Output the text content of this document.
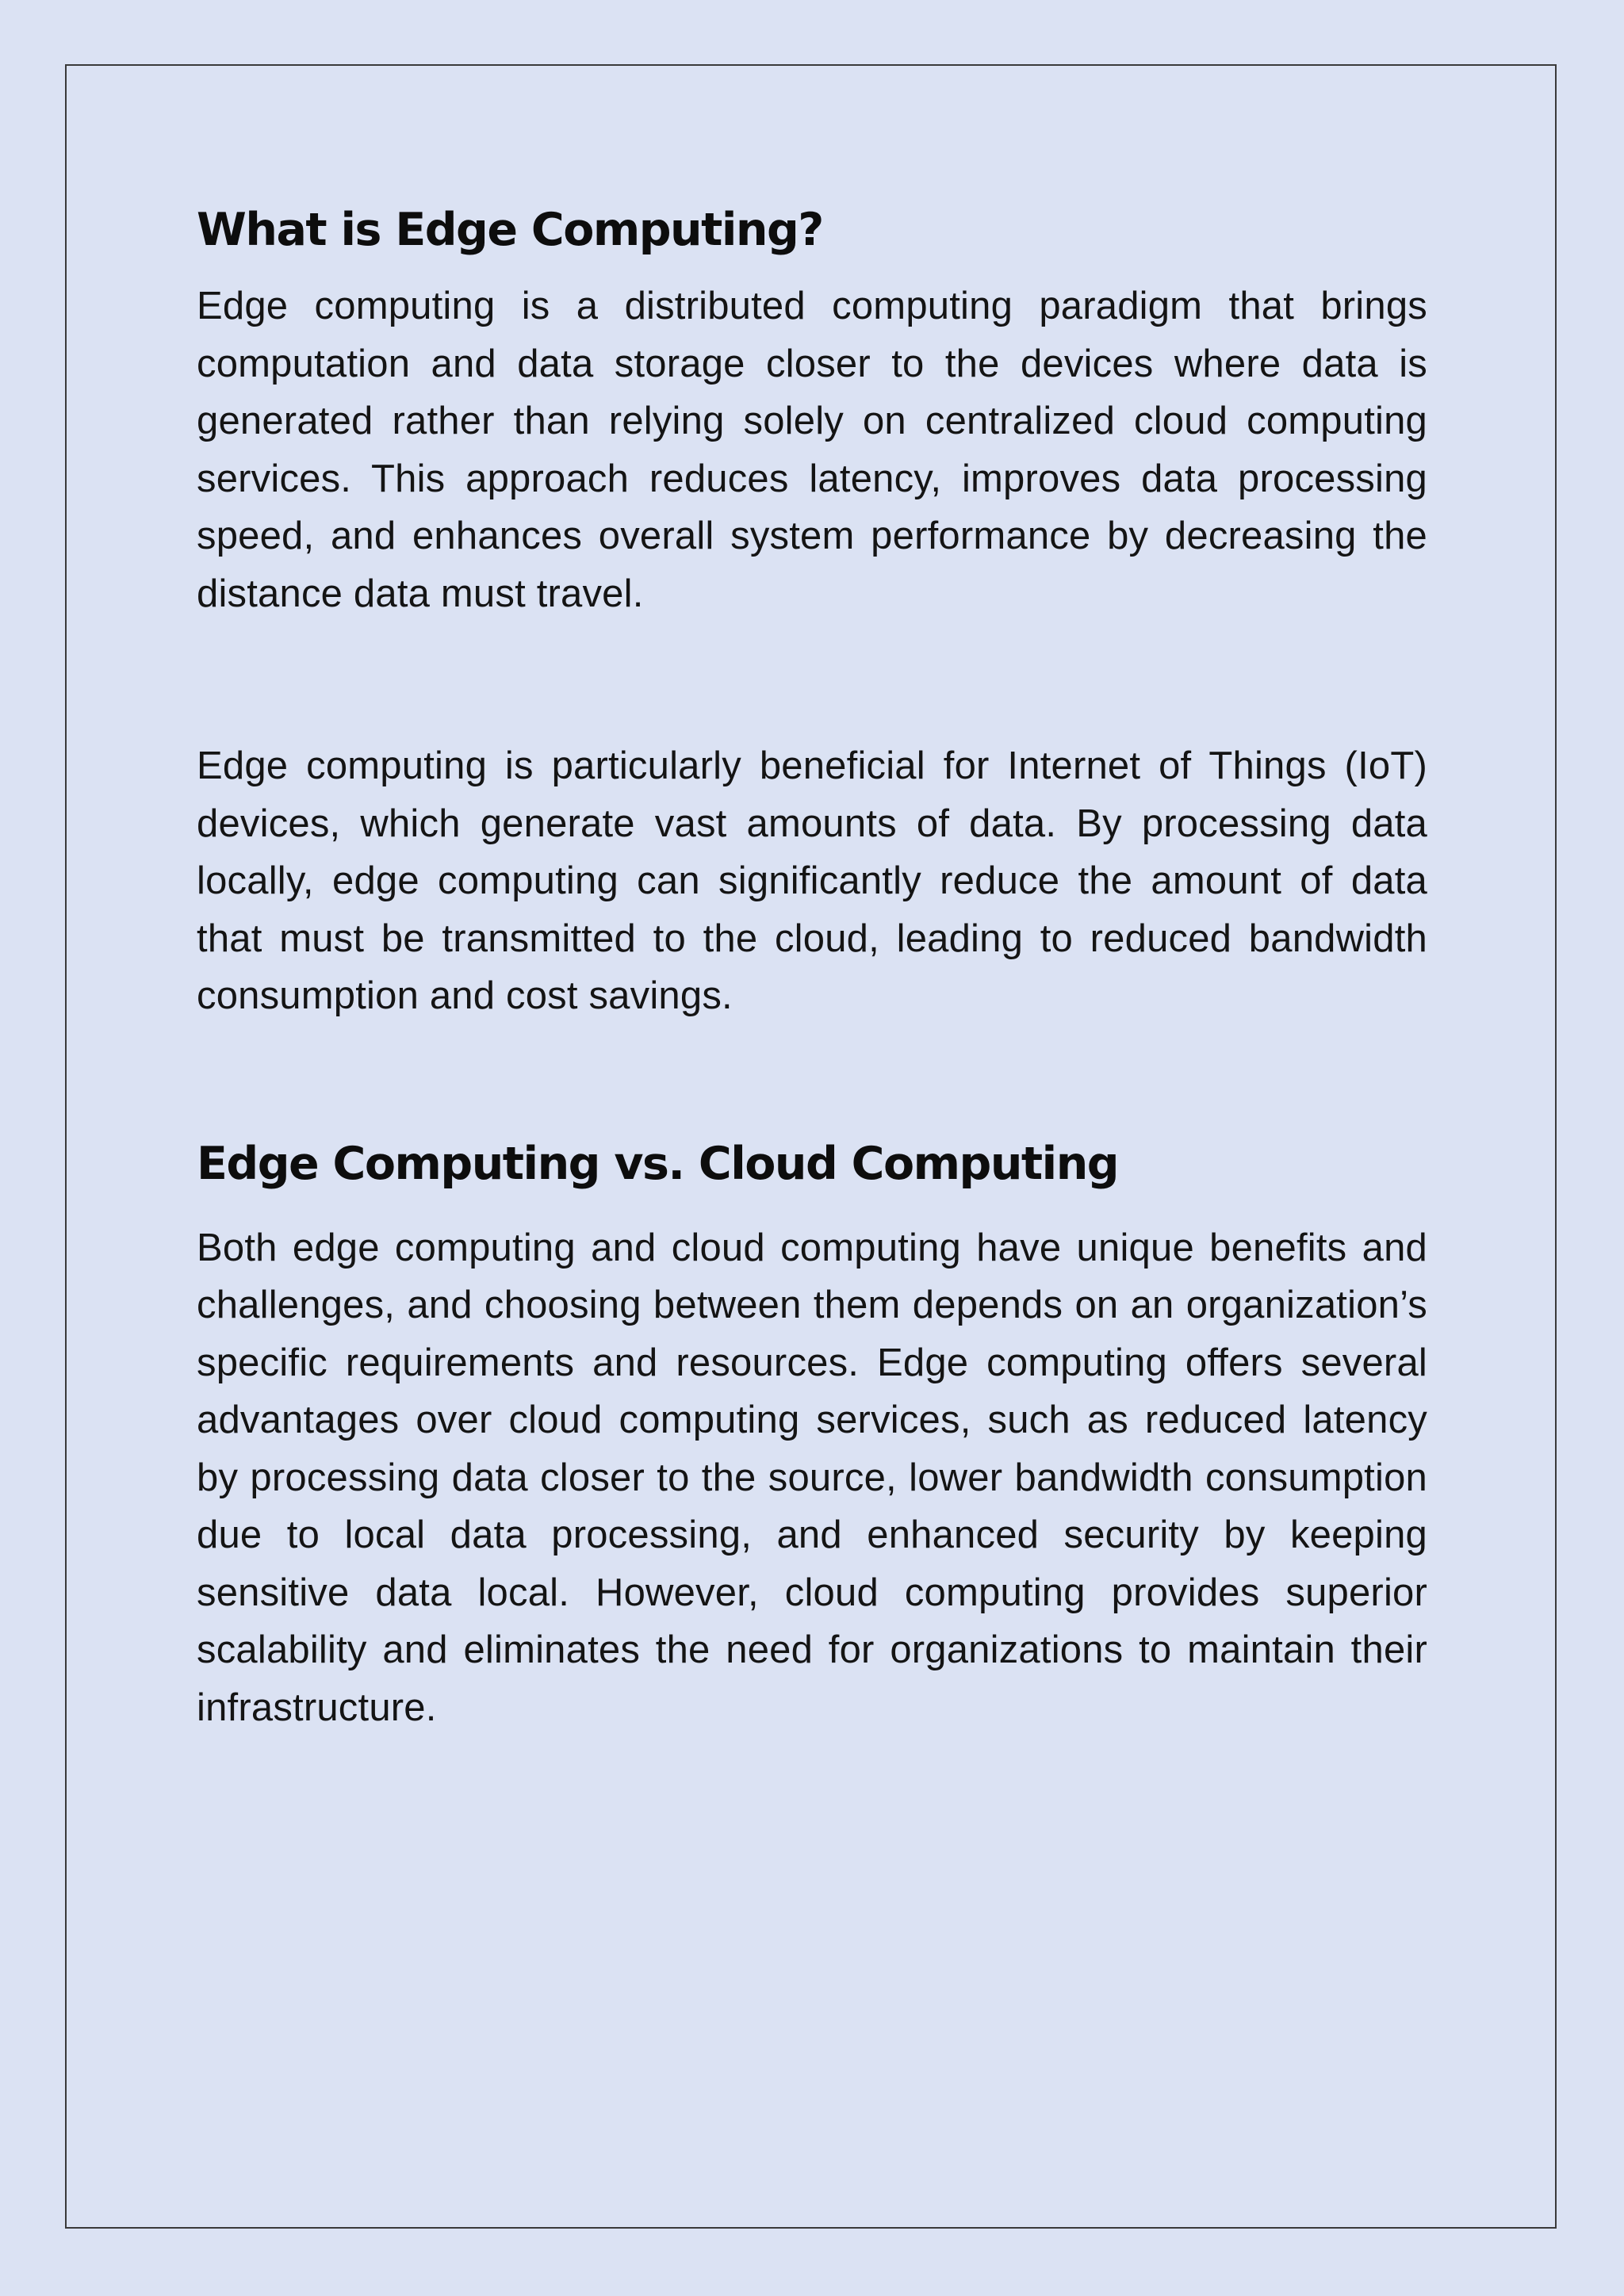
What is Edge Computing?

Edge computing is a distributed computing paradigm that brings computation and data storage closer to the devices where data is generated rather than relying solely on centralized cloud computing services. This approach reduces latency, improves data processing speed, and enhances overall system performance by decreasing the distance data must travel.

Edge computing is particularly beneficial for Internet of Things (IoT) devices, which generate vast amounts of data. By processing data locally, edge computing can significantly reduce the amount of data that must be transmitted to the cloud, leading to reduced bandwidth consumption and cost savings.

Edge Computing vs. Cloud Computing

Both edge computing and cloud computing have unique benefits and challenges, and choosing between them depends on an organization’s specific requirements and resources. Edge computing offers several advantages over cloud computing services, such as reduced latency by processing data closer to the source, lower bandwidth consumption due to local data processing, and enhanced security by keeping sensitive data local. However, cloud computing provides superior scalability and eliminates the need for organizations to maintain their infrastructure.
